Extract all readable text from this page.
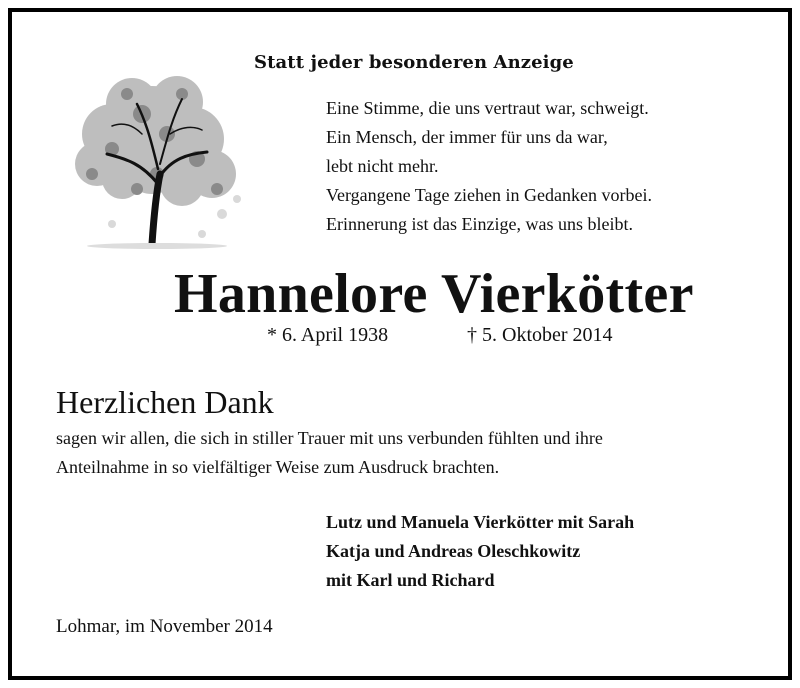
Statt jeder besonderen Anzeige
Eine Stimme, die uns vertraut war, schweigt.
Ein Mensch, der immer für uns da war,
lebt nicht mehr.
Vergangene Tage ziehen in Gedanken vorbei.
Erinnerung ist das Einzige, was uns bleibt.
Hannelore Vierkötter
* 6. April 1938	† 5. Oktober 2014
Herzlichen Dank
sagen wir allen, die sich in stiller Trauer mit uns verbunden fühlten und ihre
Anteilnahme in so vielfältiger Weise zum Ausdruck brachten.
Lutz und Manuela Vierkötter mit Sarah
Katja und Andreas Oleschkowitz
mit Karl und Richard
Lohmar, im November 2014
